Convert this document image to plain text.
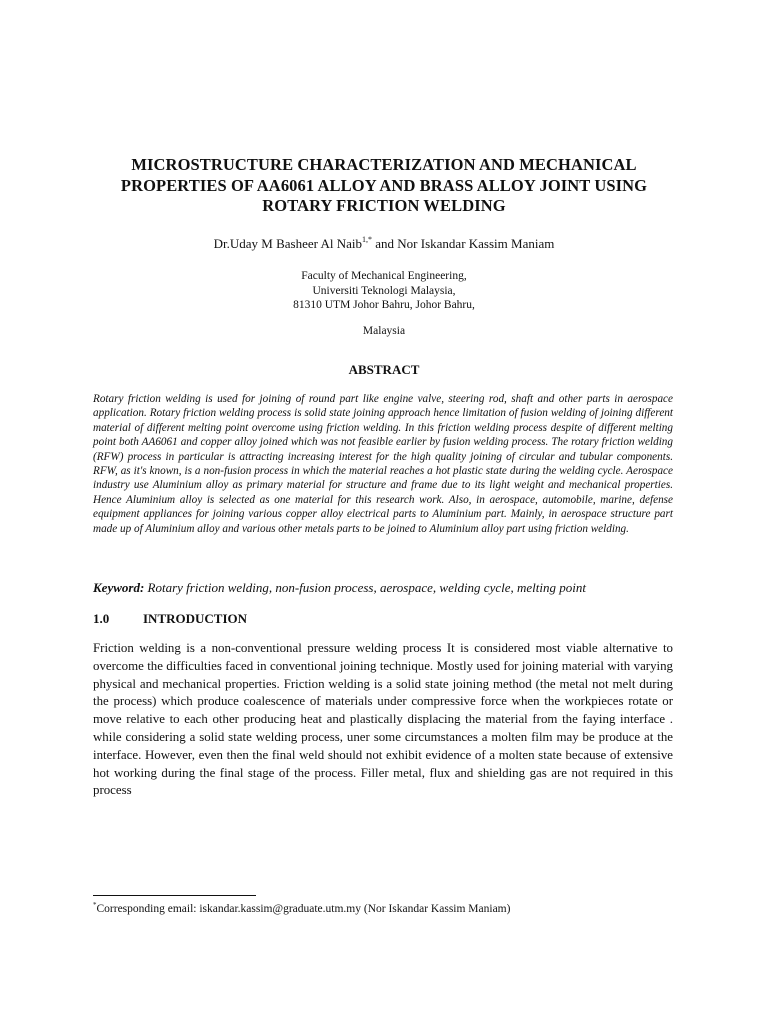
MICROSTRUCTURE CHARACTERIZATION AND MECHANICAL
PROPERTIES OF AA6061 ALLOY AND BRASS ALLOY JOINT USING
ROTARY FRICTION WELDING
Dr.Uday M Basheer Al Naib$^{1,*}$ and Nor Iskandar Kassim Maniam
Faculty of Mechanical Engineering,
Universiti Teknologi Malaysia,
81310 UTM Johor Bahru, Johor Bahru,
Malaysia
ABSTRACT
Rotary friction welding is used for joining of round part like engine valve, steering rod, shaft and other parts in aerospace application. Rotary friction welding process is solid state joining approach hence limitation of fusion welding of joining different material of different melting point overcome using friction welding. In this friction welding process despite of different melting point both AA6061 and copper alloy joined which was not feasible earlier by fusion welding process. The rotary friction welding (RFW) process in particular is attracting increasing interest for the high quality joining of circular and tubular components. RFW, as it's known, is a non-fusion process in which the material reaches a hot plastic state during the welding cycle. Aerospace industry use Aluminium alloy as primary material for structure and frame due to its light weight and mechanical properties. Hence Aluminium alloy is selected as one material for this research work. Also, in aerospace, automobile, marine, defense equipment appliances for joining various copper alloy electrical parts to Aluminium part. Mainly, in aerospace structure part made up of Aluminium alloy and various other metals parts to be joined to Aluminium alloy part using friction welding.
Keyword: Rotary friction welding, non-fusion process, aerospace, welding cycle, melting point
1.0	INTRODUCTION
Friction welding is a non-conventional pressure welding process It is considered most viable alternative to overcome the difficulties faced in conventional joining technique. Mostly used for joining material with varying physical and mechanical properties. Friction welding is a solid state joining method (the metal not melt during the process) which produce coalescence of materials under compressive force when the workpieces rotate or move relative to each other producing heat and plastically displacing the material from the faying interface . while considering a solid state welding process, uner some circumstances a molten film may be produce at the interface. However, even then the final weld should not exhibit evidence of a molten state because of extensive hot working during the final stage of the process. Filler metal, flux and shielding gas are not required in this process
*Corresponding email: iskandar.kassim@graduate.utm.my (Nor Iskandar Kassim Maniam)
